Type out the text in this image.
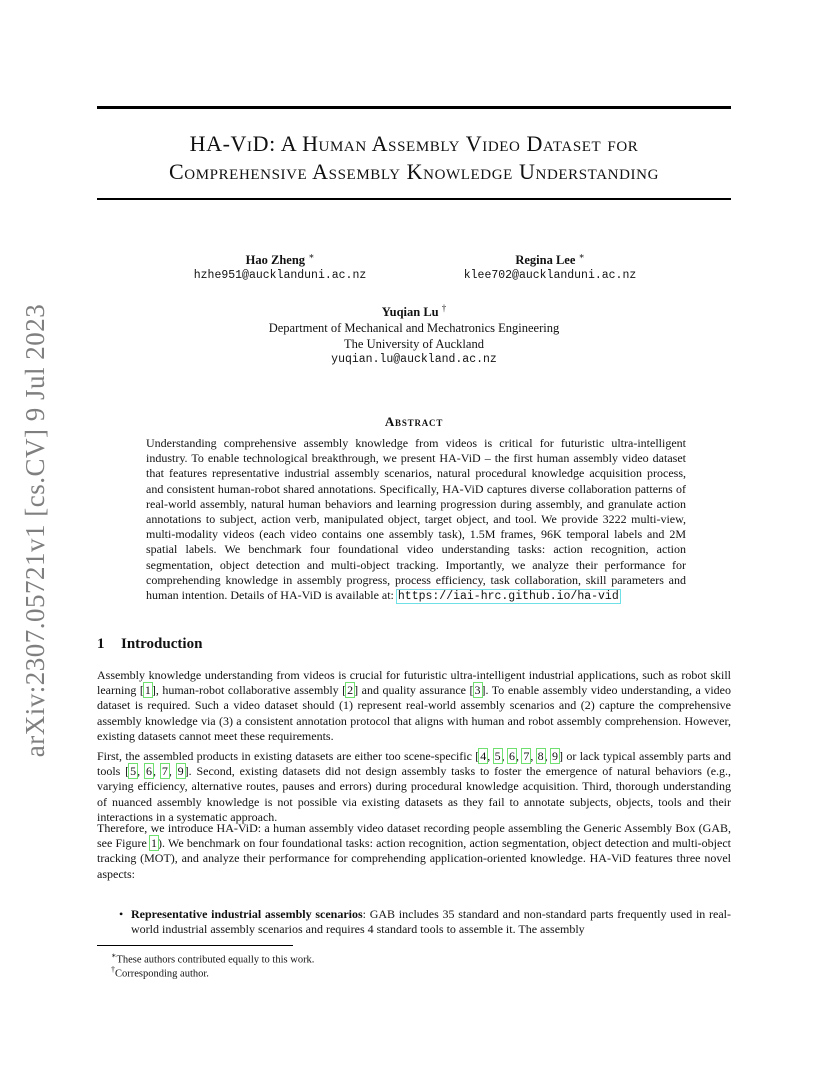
arXiv:2307.05721v1 [cs.CV] 9 Jul 2023
HA-ViD: A Human Assembly Video Dataset for
Comprehensive Assembly Knowledge Understanding
Hao Zheng ∗
hzhe951@aucklanduni.ac.nz
Regina Lee ∗
klee702@aucklanduni.ac.nz
Yuqian Lu †
Department of Mechanical and Mechatronics Engineering
The University of Auckland
yuqian.lu@auckland.ac.nz
Abstract
Understanding comprehensive assembly knowledge from videos is critical for futuristic ultra-intelligent industry. To enable technological breakthrough, we present HA-ViD – the first human assembly video dataset that features representative industrial assembly scenarios, natural procedural knowledge acquisition process, and consistent human-robot shared annotations. Specifically, HA-ViD captures diverse collaboration patterns of real-world assembly, natural human behaviors and learning progression during assembly, and granulate action annotations to subject, action verb, manipulated object, target object, and tool. We provide 3222 multi-view, multi-modality videos (each video contains one assembly task), 1.5M frames, 96K temporal labels and 2M spatial labels. We benchmark four foundational video understanding tasks: action recognition, action segmentation, object detection and multi-object tracking. Importantly, we analyze their performance for comprehending knowledge in assembly progress, process efficiency, task collaboration, skill parameters and human intention. Details of HA-ViD is available at: https://iai-hrc.github.io/ha-vid
1 Introduction

Assembly knowledge understanding from videos is crucial for futuristic ultra-intelligent industrial applications, such as robot skill learning [1], human-robot collaborative assembly [2] and quality assurance [3]. To enable assembly video understanding, a video dataset is required. Such a video dataset should (1) represent real-world assembly scenarios and (2) capture the comprehensive assembly knowledge via (3) a consistent annotation protocol that aligns with human and robot assembly comprehension. However, existing datasets cannot meet these requirements.

First, the assembled products in existing datasets are either too scene-specific [4, 5, 6, 7, 8, 9] or lack typical assembly parts and tools [5, 6, 7, 9]. Second, existing datasets did not design assembly tasks to foster the emergence of natural behaviors (e.g., varying efficiency, alternative routes, pauses and errors) during procedural knowledge acquisition. Third, thorough understanding of nuanced assembly knowledge is not possible via existing datasets as they fail to annotate subjects, objects, tools and their interactions in a systematic approach.

Therefore, we introduce HA-ViD: a human assembly video dataset recording people assembling the Generic Assembly Box (GAB, see Figure 1). We benchmark on four foundational tasks: action recognition, action segmentation, object detection and multi-object tracking (MOT), and analyze their performance for comprehending application-oriented knowledge. HA-ViD features three novel aspects:

• Representative industrial assembly scenarios: GAB includes 35 standard and non-standard parts frequently used in real-world industrial assembly scenarios and requires 4 standard tools to assemble it. The assembly
∗These authors contributed equally to this work.
†Corresponding author.
